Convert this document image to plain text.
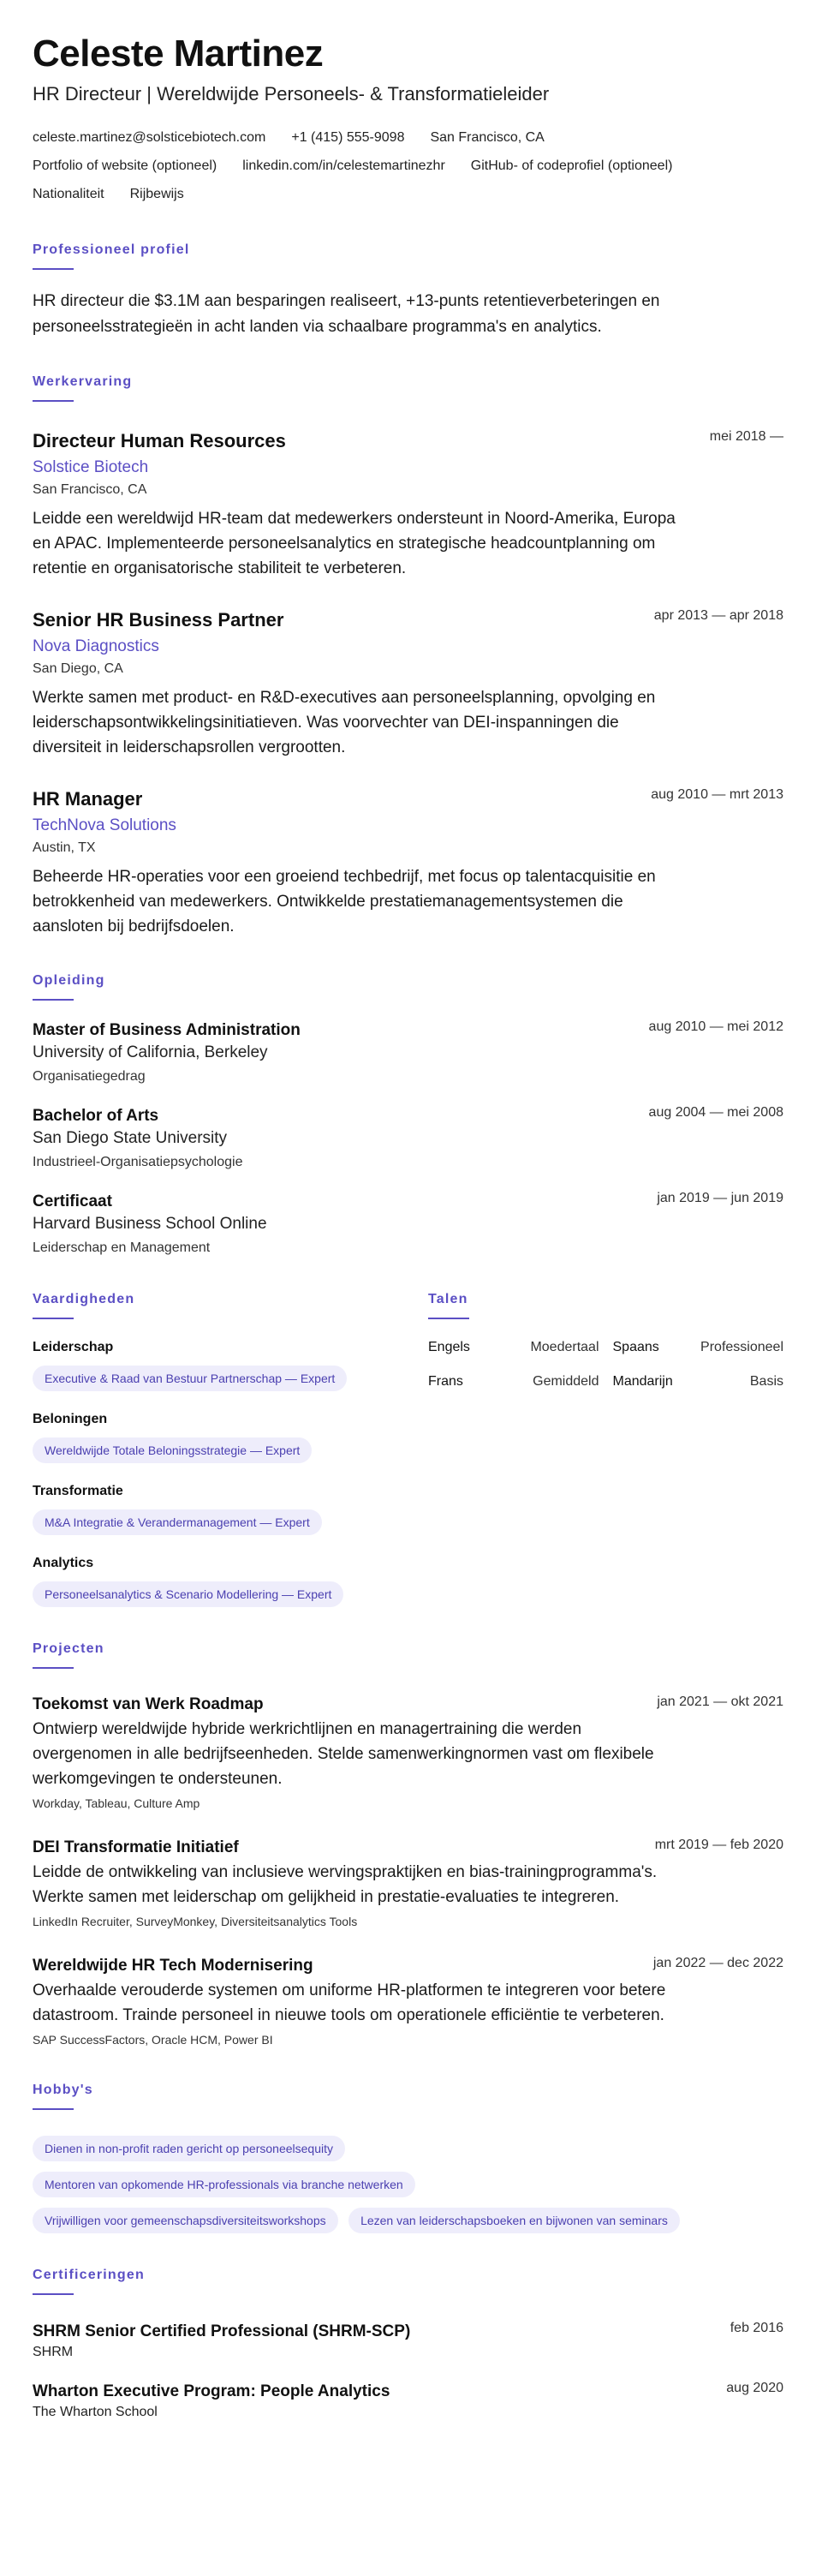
Celeste Martinez
HR Directeur | Wereldwijde Personeels- & Transformatieleider
celeste.martinez@solsticebiotech.com +1 (415) 555-9098 San Francisco, CA
Portfolio of website (optioneel) linkedin.com/in/celestemartinezhr GitHub- of codeprofiel (optioneel)
Nationaliteit Rijbewijs
Professioneel profiel
HR directeur die $3.1M aan besparingen realiseert, +13-punts retentieverbeteringen en personeelsstrategieën in acht landen via schaalbare programma's en analytics.
Werkervaring
Directeur Human Resources	mei 2018 —
Solstice Biotech
San Francisco, CA
Leidde een wereldwijd HR-team dat medewerkers ondersteunt in Noord-Amerika, Europa en APAC. Implementeerde personeelsanalytics en strategische headcountplanning om retentie en organisatorische stabiliteit te verbeteren.
Senior HR Business Partner	apr 2013 — apr 2018
Nova Diagnostics
San Diego, CA
Werkte samen met product- en R&D-executives aan personeelsplanning, opvolging en leiderschapsontwikkelingsinitiatieven. Was voorvechter van DEI-inspanningen die diversiteit in leiderschapsrollen vergrootten.
HR Manager	aug 2010 — mrt 2013
TechNova Solutions
Austin, TX
Beheerde HR-operaties voor een groeiend techbedrijf, met focus op talentacquisitie en betrokkenheid van medewerkers. Ontwikkelde prestatiemanagementsystemen die aansloten bij bedrijfsdoelen.
Opleiding
Master of Business Administration	aug 2010 — mei 2012
University of California, Berkeley
Organisatiegedrag
Bachelor of Arts	aug 2004 — mei 2008
San Diego State University
Industrieel-Organisatiepsychologie
Certificaat	jan 2019 — jun 2019
Harvard Business School Online
Leiderschap en Management
Vaardigheden
Leiderschap
Executive & Raad van Bestuur Partnerschap — Expert
Beloningen
Wereldwijde Totale Beloningsstrategie — Expert
Transformatie
M&A Integratie & Verandermanagement — Expert
Analytics
Personeelsanalytics & Scenario Modellering — Expert
Talen
Engels	Moedertaal Spaans	Professioneel
Frans	Gemiddeld Mandarijn	Basis
Projecten
Toekomst van Werk Roadmap	jan 2021 — okt 2021
Ontwierp wereldwijde hybride werkrichtlijnen en managertraining die werden overgenomen in alle bedrijfseenheden. Stelde samenwerkingnormen vast om flexibele werkomgevingen te ondersteunen.
Workday, Tableau, Culture Amp
DEI Transformatie Initiatief	mrt 2019 — feb 2020
Leidde de ontwikkeling van inclusieve wervingspraktijken en bias-trainingprogramma's. Werkte samen met leiderschap om gelijkheid in prestatie-evaluaties te integreren.
LinkedIn Recruiter, SurveyMonkey, Diversiteitsanalytics Tools
Wereldwijde HR Tech Modernisering	jan 2022 — dec 2022
Overhaalde verouderde systemen om uniforme HR-platformen te integreren voor betere datastroom. Trainde personeel in nieuwe tools om operationele efficiëntie te verbeteren.
SAP SuccessFactors, Oracle HCM, Power BI
Hobby's
Dienen in non-profit raden gericht op personeelsequity
Mentoren van opkomende HR-professionals via branche netwerken
Vrijwilligen voor gemeenschapsdiversiteitsworkshops	Lezen van leiderschapsboeken en bijwonen van seminars
Certificeringen
SHRM Senior Certified Professional (SHRM-SCP)	feb 2016
SHRM
Wharton Executive Program: People Analytics	aug 2020
The Wharton School
